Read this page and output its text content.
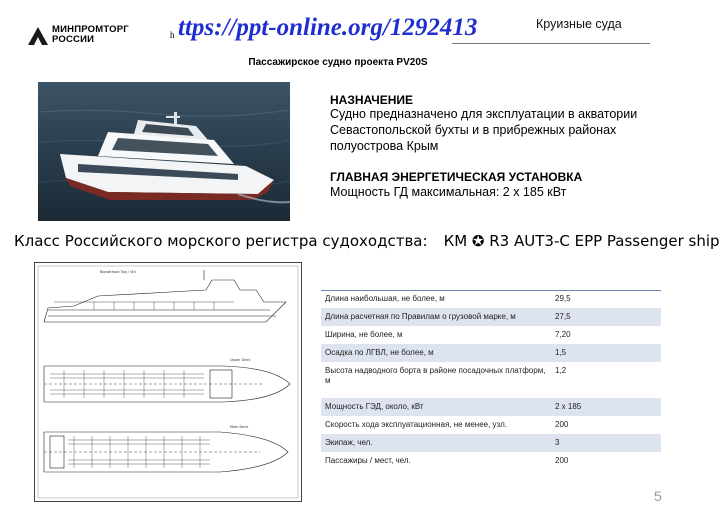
МИНПРОМТОРГ
РОССИИ	h ttps://ppt-online.org/1292413	Круизные суда
Пассажирское судно проекта PV20S
НАЗНАЧЕНИЕ
Судно предназначено для эксплуатации в акватории Севастопольской бухты и в прибрежных районах полуострова Крым
ГЛАВНАЯ ЭНЕРГЕТИЧЕСКАЯ УСТАНОВКА
Мощность ГД максимальная: 2 х 185 кВт
Класс Российского морского регистра судоходства: КМ ✪ R3 AUT3-C EPP Passenger ship
Boxwithout Top / Vid
Upper Deck
Main Deck
Длина наибольшая, не более, м	29,5
Длина расчетная по Правилам о грузовой марке, м	27,5
Ширина, не более, м	7,20
Осадка по ЛГВЛ, не более, м	1,5
Высота надводного борта в районе посадочных платформ, м	1,2
Мощность ГЭД, около, кВт	2 х 185
Скорость хода эксплуатационная, не менее, узл.	200
Экипаж, чел.	3
Пассажиры / мест, чел.	200
5
